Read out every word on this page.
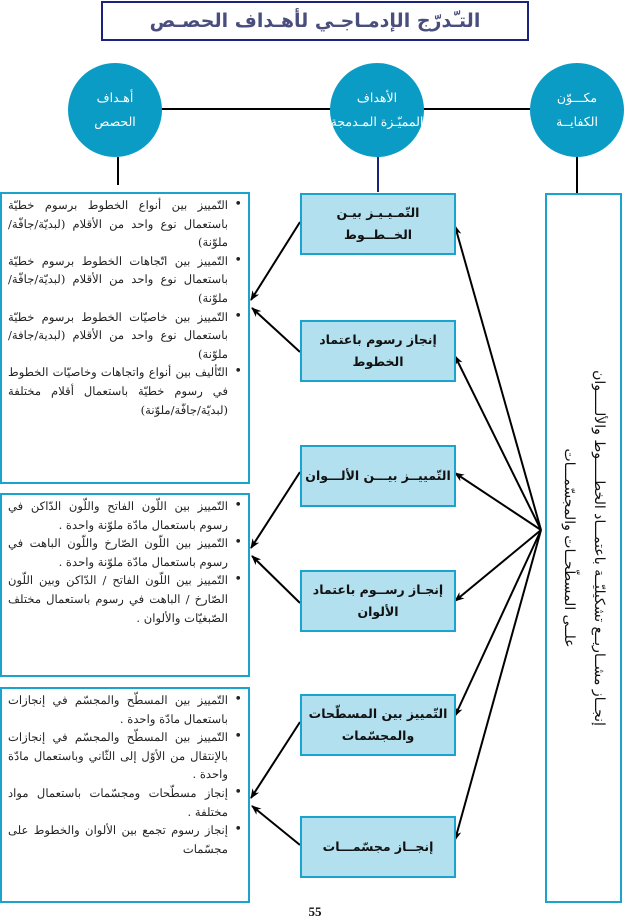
التـّدرّج الإدمـاجـي لأهـداف الحصـص
مكـــوّن
الكفايــة
الأهداف
المميّـزة المـدمجة
أهـداف
الحصص
إنجــاز مشــاريــع تشكيليّــة باعتمـــاد الخطـــــوط والألـــــوان
علــى المسطّحــات والمجسّمـــات
التّمـيـيـز بيـن
الخــطــوط
إنجاز رسوم باعتماد
الخطوط
التّمييــز بيـــن الألـــوان
إنجـاز رســوم باعتماد
الألوان
التّمييز بين المسطّحات
والمجسّمات
إنجــاز مجسّمـــات
• التّمييز بين أنواع الخطوط برسوم خطيّة باستعمال نوع واحد من الأقلام (لبديّة/جافّة/ ملوّنة)
• التّمييز بين اتّجاهات الخطوط برسوم خطيّة باستعمال نوع واحد من الأقلام (لبديّة/جافّة/ملوّنة)
• التّمييز بين خاصيّات الخطوط برسوم خطيّة باستعمال نوع واحد من الأقلام (لبدية/جافة/ ملوّنة)
• التّأليف بين أنواع واتجاهات وخاصيّات الخطوط في رسوم خطيّة باستعمال أقلام مختلفة (لبديّة/جافّة/ملوّنة)
• التّمييز بين اللّون الفاتح واللّون الدّاكن في رسوم باستعمال مادّة ملوّنة واحدة .
• التّمييز بين اللّون الصّارخ واللّون الباهت في رسوم باستعمال مادّة ملوّنة واحدة .
• التّمييز بين اللّون الفاتح / الدّاكن وبين اللّون الصّارخ / الباهت في رسوم باستعمال مختلف الصّبغيّات والألوان .
• التّمييز بين المسطّح والمجسّم في إنجازات باستعمال مادّة واحدة .
• التّمييز بين المسطّح والمجسّم في إنجازات بالإنتقال من الأوّل إلى الثّاني وباستعمال مادّة واحدة .
• إنجاز مسطّحات ومجسّمات باستعمال مواد مختلفة .
• إنجاز رسوم تجمع بين الألوان والخطوط على مجسّمات
55
